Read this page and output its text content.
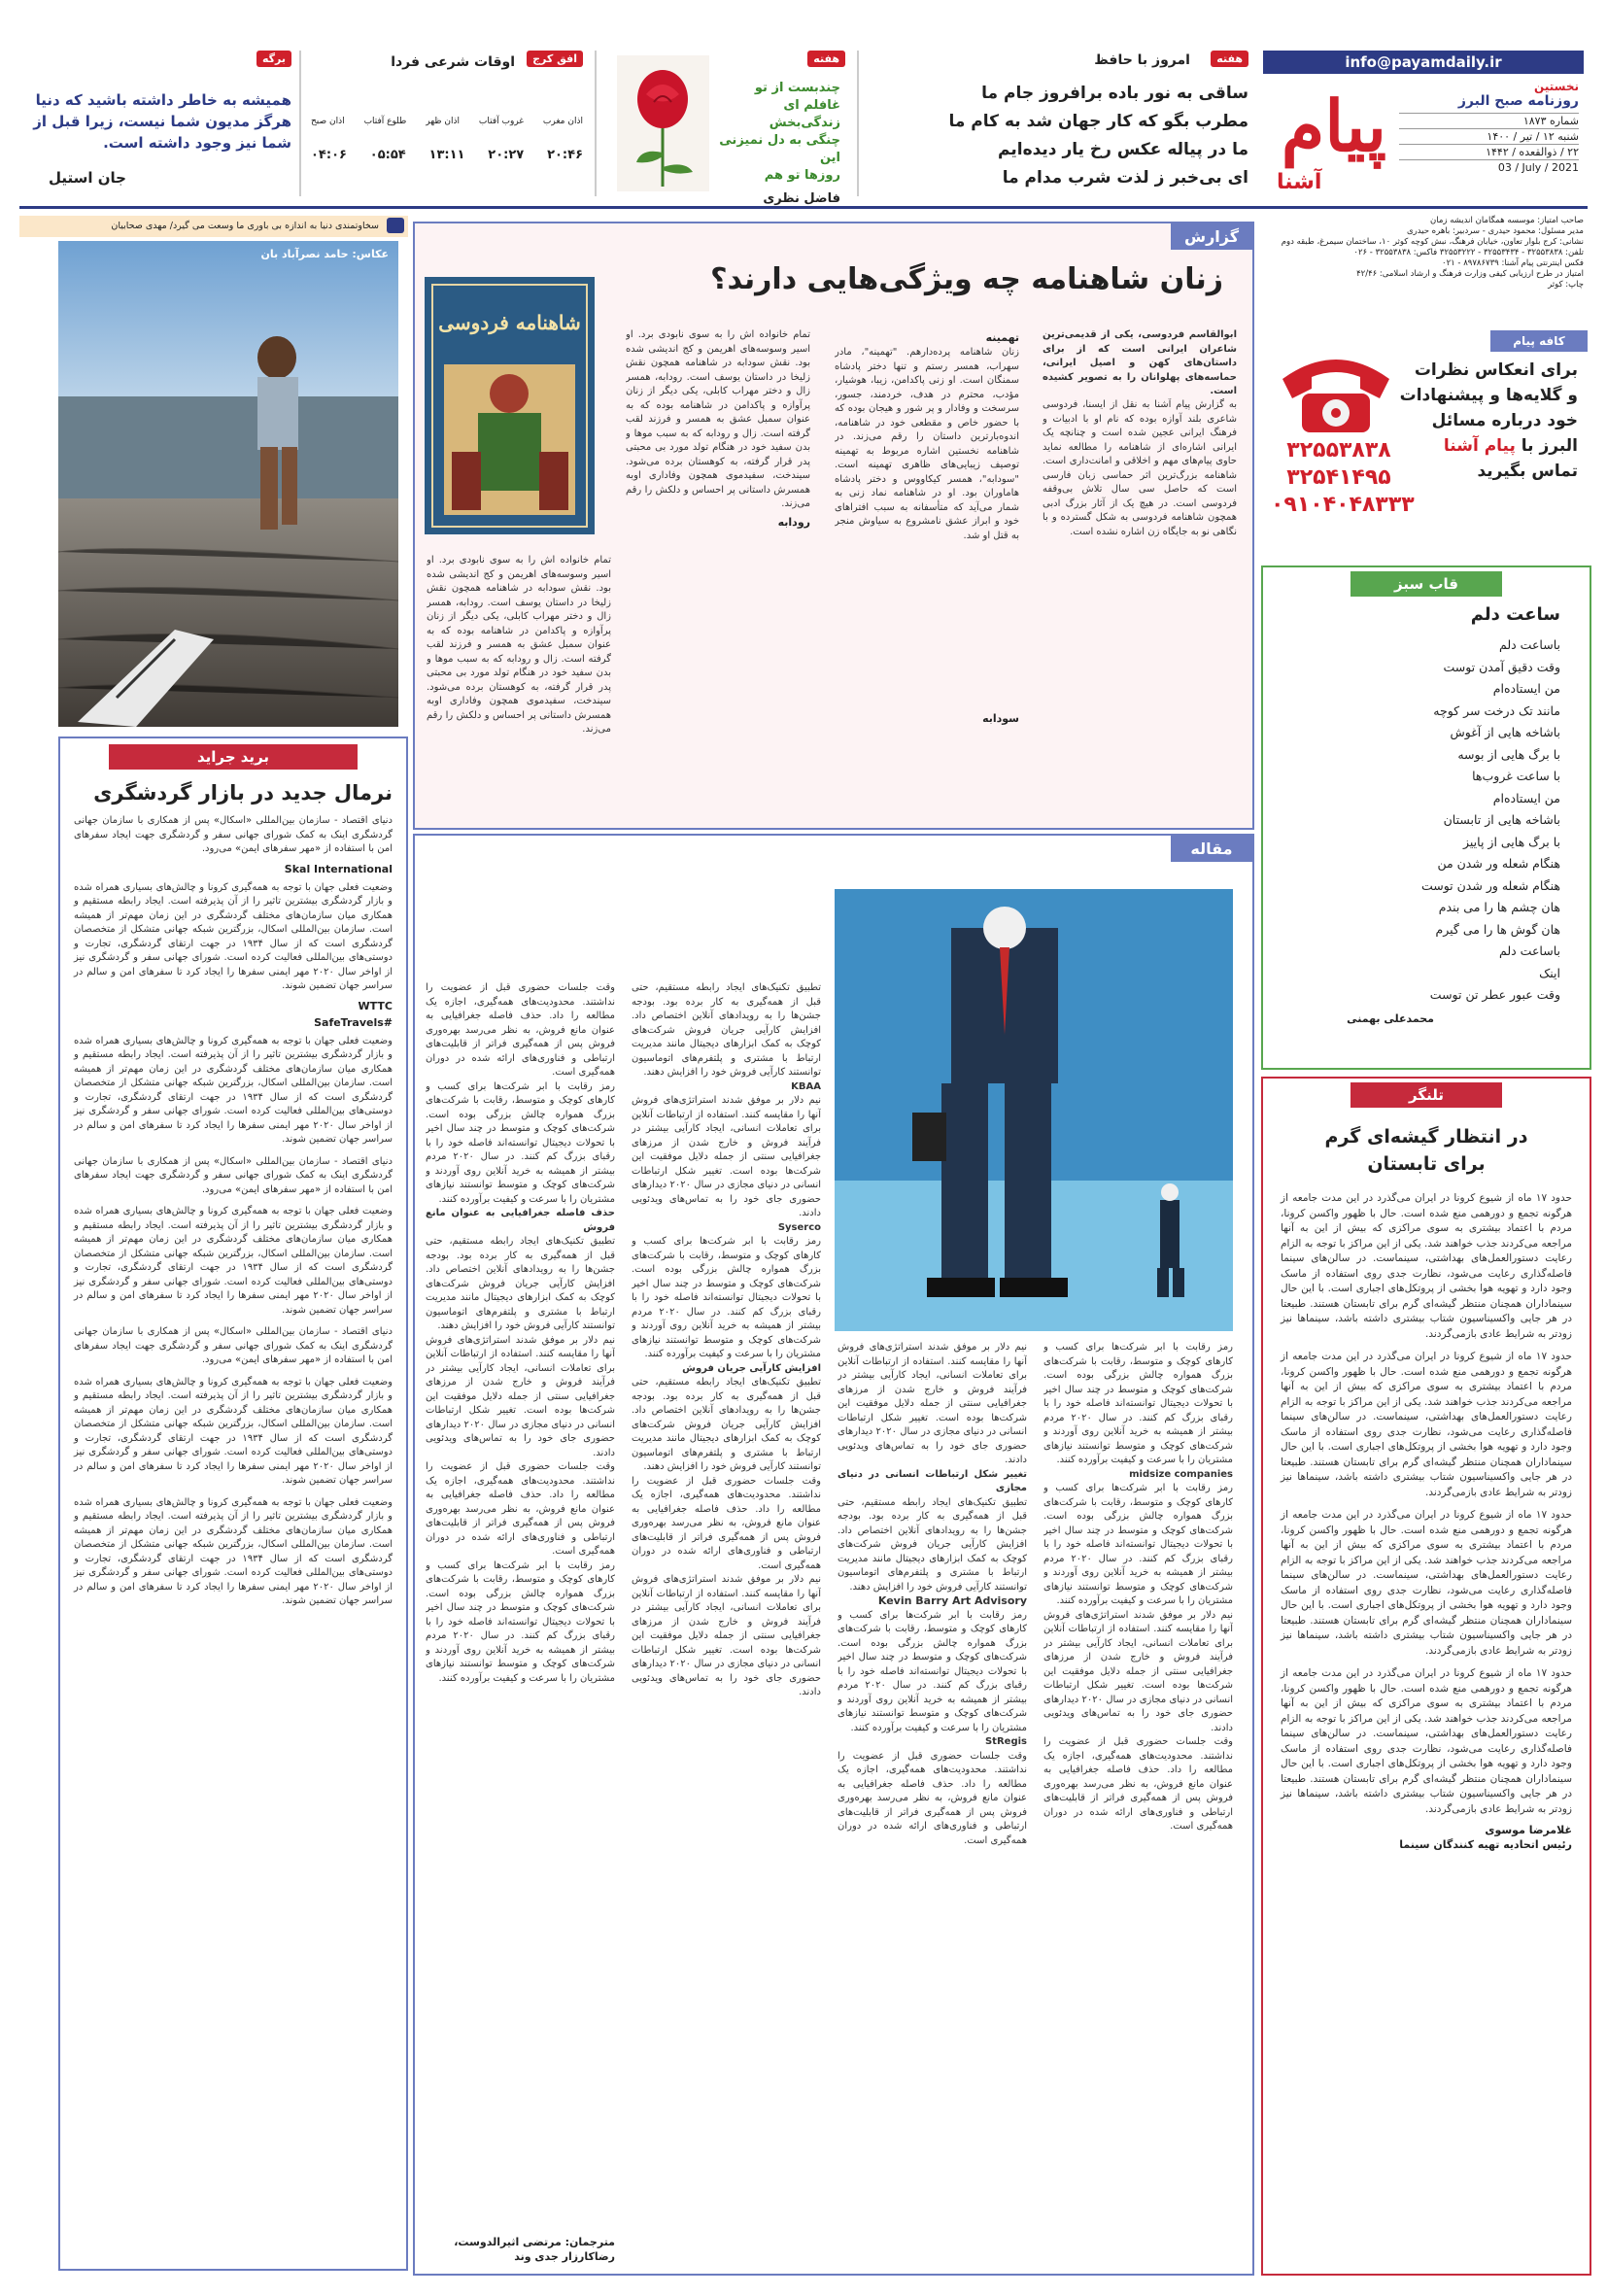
info@payamdaily.ir
پیام
آشنا
نخستین
روزنامه صبح البرز
شماره ۱۸۷۳
شنبه ۱۲ / تیر / ۱۴۰۰
۲۲ / ذوالقعده / ۱۴۴۲
03 / July / 2021
صاحب امتیاز: موسسه همگامان اندیشه زمان
مدیر مسئول: محمود حیدری - سردبیر: باهره حیدری
نشانی: کرج بلوار تعاون، خیابان فرهنگ، نبش کوچه کوثر ۱۰، ساختمان سیمرغ، طبقه دوم
تلفن: ۳۲۵۵۳۸۳۸ - ۳۲۵۵۳۴۳۴ - ۳۲۵۵۳۲۲۲ فاکس: ۳۲۵۵۳۸۳۸ - ۰۲۶
فکس اینترنتی پیام آشنا: ۸۹۷۸۶۷۳۹ - ۰۲۱
امتیاز در طرح ارزیابی کیفی وزارت فرهنگ و ارشاد اسلامی: ۴۲/۴۶
چاپ: کوثر
هفته
امروز با حافظ
ساقی به نور باده برافروز جام ما
مطرب بگو که کار جهان شد به کام ما
ما در پیاله عکس رخ یار دیده‌ایم
ای بی‌خبر ز لذت شرب مدام ما
هفته
چندبست از تو غافلم ای
زندگی‌بخش
چنگی به دل نمیزنی این
روزها تو هم
فاضل نظری
افق کرج
اوقات شرعی فردا
اذان صبح طلوع آفتاب اذان ظهر غروب آفتاب اذان مغرب
۰۴:۰۶ ۰۵:۵۴ ۱۳:۱۱ ۲۰:۲۷ ۲۰:۴۶
برگه
همیشه به خاطر داشته باشید که دنیا هرگز مدیون شما نیست، زیرا قبل از شما نیز وجود داشته است.
جان استیل
سخاوتمندی دنیا به اندازه بی باوری ما وسعت می گیرد/ مهدی صحابیان
عکاس: حامد نصرآباد بان
برید جراید
نرمال جدید در بازار گردشگری
دنیای اقتصاد - سازمان بین‌المللی «اسکال» پس از همکاری با سازمان جهانی گردشگری اینک به کمک شورای جهانی سفر و گردشگری جهت ایجاد سفرهای امن با استفاده از «مهر سفرهای ایمن» می‌رود.
Skal International
وضعیت فعلی جهان با توجه به همه‌گیری کرونا و چالش‌های بسیاری همراه شده و بازار گردشگری بیشترین تاثیر را از آن پذیرفته است. ایجاد رابطه مستقیم و همکاری میان سازمان‌های مختلف گردشگری در این زمان مهم‌تر از همیشه است. سازمان بین‌المللی اسکال، بزرگترین شبکه جهانی متشکل از متخصصان گردشگری است که از سال ۱۹۳۴ در جهت ارتقای گردشگری، تجارت و دوستی‌های بین‌المللی فعالیت کرده است. شورای جهانی سفر و گردشگری نیز از اواخر سال ۲۰۲۰ مهر ایمنی سفرها را ایجاد کرد تا سفرهای امن و سالم در سراسر جهان تضمین شوند.
WTTC
SafeTravels#
وضعیت فعلی جهان با توجه به همه‌گیری کرونا و چالش‌های بسیاری همراه شده و بازار گردشگری بیشترین تاثیر را از آن پذیرفته است. ایجاد رابطه مستقیم و همکاری میان سازمان‌های مختلف گردشگری در این زمان مهم‌تر از همیشه است. سازمان بین‌المللی اسکال، بزرگترین شبکه جهانی متشکل از متخصصان گردشگری است که از سال ۱۹۳۴ در جهت ارتقای گردشگری، تجارت و دوستی‌های بین‌المللی فعالیت کرده است. شورای جهانی سفر و گردشگری نیز از اواخر سال ۲۰۲۰ مهر ایمنی سفرها را ایجاد کرد تا سفرهای امن و سالم در سراسر جهان تضمین شوند.
دنیای اقتصاد - سازمان بین‌المللی «اسکال» پس از همکاری با سازمان جهانی گردشگری اینک به کمک شورای جهانی سفر و گردشگری جهت ایجاد سفرهای امن با استفاده از «مهر سفرهای ایمن» می‌رود.
وضعیت فعلی جهان با توجه به همه‌گیری کرونا و چالش‌های بسیاری همراه شده و بازار گردشگری بیشترین تاثیر را از آن پذیرفته است. ایجاد رابطه مستقیم و همکاری میان سازمان‌های مختلف گردشگری در این زمان مهم‌تر از همیشه است. سازمان بین‌المللی اسکال، بزرگترین شبکه جهانی متشکل از متخصصان گردشگری است که از سال ۱۹۳۴ در جهت ارتقای گردشگری، تجارت و دوستی‌های بین‌المللی فعالیت کرده است. شورای جهانی سفر و گردشگری نیز از اواخر سال ۲۰۲۰ مهر ایمنی سفرها را ایجاد کرد تا سفرهای امن و سالم در سراسر جهان تضمین شوند.
دنیای اقتصاد - سازمان بین‌المللی «اسکال» پس از همکاری با سازمان جهانی گردشگری اینک به کمک شورای جهانی سفر و گردشگری جهت ایجاد سفرهای امن با استفاده از «مهر سفرهای ایمن» می‌رود.
وضعیت فعلی جهان با توجه به همه‌گیری کرونا و چالش‌های بسیاری همراه شده و بازار گردشگری بیشترین تاثیر را از آن پذیرفته است. ایجاد رابطه مستقیم و همکاری میان سازمان‌های مختلف گردشگری در این زمان مهم‌تر از همیشه است. سازمان بین‌المللی اسکال، بزرگترین شبکه جهانی متشکل از متخصصان گردشگری است که از سال ۱۹۳۴ در جهت ارتقای گردشگری، تجارت و دوستی‌های بین‌المللی فعالیت کرده است. شورای جهانی سفر و گردشگری نیز از اواخر سال ۲۰۲۰ مهر ایمنی سفرها را ایجاد کرد تا سفرهای امن و سالم در سراسر جهان تضمین شوند.
وضعیت فعلی جهان با توجه به همه‌گیری کرونا و چالش‌های بسیاری همراه شده و بازار گردشگری بیشترین تاثیر را از آن پذیرفته است. ایجاد رابطه مستقیم و همکاری میان سازمان‌های مختلف گردشگری در این زمان مهم‌تر از همیشه است. سازمان بین‌المللی اسکال، بزرگترین شبکه جهانی متشکل از متخصصان گردشگری است که از سال ۱۹۳۴ در جهت ارتقای گردشگری، تجارت و دوستی‌های بین‌المللی فعالیت کرده است. شورای جهانی سفر و گردشگری نیز از اواخر سال ۲۰۲۰ مهر ایمنی سفرها را ایجاد کرد تا سفرهای امن و سالم در سراسر جهان تضمین شوند.
گزارش
زنان شاهنامه چه ویژگی‌هایی دارند؟
ابوالقاسم فردوسی، یکی از قدیمی‌ترین شاعران ایرانی است که از برای داستان‌های کهن و اصیل ایرانی، حماسه‌های پهلوانان را به تصویر کشیده است.
به گزارش پیام آشنا به نقل از ایسنا، فردوسی شاعری بلند آوازه بوده که نام او با ادبیات و فرهنگ ایرانی عجین شده است و چنانچه یک ایرانی اشاره‌ای از شاهنامه را مطالعه نماید حاوی پیام‌های مهم و اخلاقی و امانت‌داری است. شاهنامه بزرگ‌ترین اثر حماسی زبان فارسی است که حاصل سی سال تلاش بی‌وقفه فردوسی است. در هیچ یک از آثار بزرگ ادبی همچون شاهنامه فردوسی به شکل گسترده و با نگاهی نو به جایگاه زن اشاره نشده است.
تهمینه
زنان شاهنامه پرده‌دارهم. "تهمینه"، مادر سهراب، همسر رستم و تنها دختر پادشاه سمنگان است. او زنی پاکدامن، زیبا، هوشیار، مؤدب، محترم در هدف، خردمند، جسور، سرسخت و وفادار و پر شور و هیجان بوده که با حضور خاص و مقطعی خود در شاهنامه، اندوه‌بارترین داستان را رقم می‌زند. در شاهنامه نخستین اشاره مربوط به تهمینه توصیف زیبایی‌های ظاهری تهمینه است. "سودابه"، همسر کیکاووس و دختر پادشاه هاماوران بود. او در شاهنامه نماد زنی به شمار می‌آید که متأسفانه به سبب افتراهای خود و ابراز عشق نامشروع به سیاوش منجر به قتل او شد.
سودابه
تمام خانواده اش را به سوی نابودی برد. او اسیر وسوسه‌های اهریمن و کج اندیشی شده بود. نقش سودابه در شاهنامه همچون نقش زلیخا در داستان یوسف است. رودابه، همسر زال و دختر مهراب کابلی، یکی دیگر از زنان پرآوازه و پاکدامن در شاهنامه بوده که به عنوان سمبل عشق به همسر و فرزند لقب گرفته است. زال و رودابه که به سبب موها و بدن سفید خود در هنگام تولد مورد بی محبتی پدر قرار گرفته، به کوهستان برده می‌شود. سیندخت، سفیدموی همچون وفاداری اوبه همسرش داستانی پر احساس و دلکش را رقم می‌زند.
رودابه
تمام خانواده اش را به سوی نابودی برد. او اسیر وسوسه‌های اهریمن و کج اندیشی شده بود. نقش سودابه در شاهنامه همچون نقش زلیخا در داستان یوسف است. رودابه، همسر زال و دختر مهراب کابلی، یکی دیگر از زنان پرآوازه و پاکدامن در شاهنامه بوده که به عنوان سمبل عشق به همسر و فرزند لقب گرفته است. زال و رودابه که به سبب موها و بدن سفید خود در هنگام تولد مورد بی محبتی پدر قرار گرفته، به کوهستان برده می‌شود. سیندخت، سفیدموی همچون وفاداری اوبه همسرش داستانی پر احساس و دلکش را رقم می‌زند.
شاهنامه فردوسی
مقاله
رمز رقابت با ابر شرکت‌ها برای کسب و کارهای کوچک و متوسط، رقابت با شرکت‌های بزرگ همواره چالش بزرگی بوده است. شرکت‌های کوچک و متوسط در چند سال اخیر با تحولات دیجیتال توانسته‌اند فاصله خود را با رقبای بزرگ کم کنند. در سال ۲۰۲۰ مردم بیشتر از همیشه به خرید آنلاین روی آوردند و شرکت‌های کوچک و متوسط توانستند نیازهای مشتریان را با سرعت و کیفیت برآورده کنند.
midsize companies
رمز رقابت با ابر شرکت‌ها برای کسب و کارهای کوچک و متوسط، رقابت با شرکت‌های بزرگ همواره چالش بزرگی بوده است. شرکت‌های کوچک و متوسط در چند سال اخیر با تحولات دیجیتال توانسته‌اند فاصله خود را با رقبای بزرگ کم کنند. در سال ۲۰۲۰ مردم بیشتر از همیشه به خرید آنلاین روی آوردند و شرکت‌های کوچک و متوسط توانستند نیازهای مشتریان را با سرعت و کیفیت برآورده کنند.
نیم دلار بر موفق شدند استراتژی‌های فروش آنها را مقایسه کنند. استفاده از ارتباطات آنلاین برای تعاملات انسانی، ایجاد کارآیی بیشتر در فرآیند فروش و خارج شدن از مرزهای جغرافیایی سنتی از جمله دلایل موفقیت این شرکت‌ها بوده است. تغییر شکل ارتباطات انسانی در دنیای مجازی در سال ۲۰۲۰ دیدارهای حضوری جای خود را به تماس‌های ویدئویی دادند.
وقت جلسات حضوری قبل از عضویت را نداشتند. محدودیت‌های همه‌گیری، اجازه یک مطالعه را داد. حذف فاصله جغرافیایی به عنوان مانع فروش، به نظر می‌رسد بهره‌وری فروش پس از همه‌گیری فراتر از قابلیت‌های ارتباطی و فناوری‌های ارائه شده در دوران همه‌گیری است.
نیم دلار بر موفق شدند استراتژی‌های فروش آنها را مقایسه کنند. استفاده از ارتباطات آنلاین برای تعاملات انسانی، ایجاد کارآیی بیشتر در فرآیند فروش و خارج شدن از مرزهای جغرافیایی سنتی از جمله دلایل موفقیت این شرکت‌ها بوده است. تغییر شکل ارتباطات انسانی در دنیای مجازی در سال ۲۰۲۰ دیدارهای حضوری جای خود را به تماس‌های ویدئویی دادند.
تغییر شکل ارتباطات انسانی در دنیای مجازی
تطبیق تکنیک‌های ایجاد رابطه مستقیم، حتی قبل از همه‌گیری به کار برده بود. بودجه جشن‌ها را به رویدادهای آنلاین اختصاص داد. افزایش کارآیی جریان فروش شرکت‌های کوچک به کمک ابزارهای دیجیتال مانند مدیریت ارتباط با مشتری و پلتفرم‌های اتوماسیون توانستند کارآیی فروش خود را افزایش دهند.
Kevin Barry Art Advisory
رمز رقابت با ابر شرکت‌ها برای کسب و کارهای کوچک و متوسط، رقابت با شرکت‌های بزرگ همواره چالش بزرگی بوده است. شرکت‌های کوچک و متوسط در چند سال اخیر با تحولات دیجیتال توانسته‌اند فاصله خود را با رقبای بزرگ کم کنند. در سال ۲۰۲۰ مردم بیشتر از همیشه به خرید آنلاین روی آوردند و شرکت‌های کوچک و متوسط توانستند نیازهای مشتریان را با سرعت و کیفیت برآورده کنند.
StRegis
وقت جلسات حضوری قبل از عضویت را نداشتند. محدودیت‌های همه‌گیری، اجازه یک مطالعه را داد. حذف فاصله جغرافیایی به عنوان مانع فروش، به نظر می‌رسد بهره‌وری فروش پس از همه‌گیری فراتر از قابلیت‌های ارتباطی و فناوری‌های ارائه شده در دوران همه‌گیری است.
تطبیق تکنیک‌های ایجاد رابطه مستقیم، حتی قبل از همه‌گیری به کار برده بود. بودجه جشن‌ها را به رویدادهای آنلاین اختصاص داد. افزایش کارآیی جریان فروش شرکت‌های کوچک به کمک ابزارهای دیجیتال مانند مدیریت ارتباط با مشتری و پلتفرم‌های اتوماسیون توانستند کارآیی فروش خود را افزایش دهند.
KBAA
نیم دلار بر موفق شدند استراتژی‌های فروش آنها را مقایسه کنند. استفاده از ارتباطات آنلاین برای تعاملات انسانی، ایجاد کارآیی بیشتر در فرآیند فروش و خارج شدن از مرزهای جغرافیایی سنتی از جمله دلایل موفقیت این شرکت‌ها بوده است. تغییر شکل ارتباطات انسانی در دنیای مجازی در سال ۲۰۲۰ دیدارهای حضوری جای خود را به تماس‌های ویدئویی دادند.
Syserco
رمز رقابت با ابر شرکت‌ها برای کسب و کارهای کوچک و متوسط، رقابت با شرکت‌های بزرگ همواره چالش بزرگی بوده است. شرکت‌های کوچک و متوسط در چند سال اخیر با تحولات دیجیتال توانسته‌اند فاصله خود را با رقبای بزرگ کم کنند. در سال ۲۰۲۰ مردم بیشتر از همیشه به خرید آنلاین روی آوردند و شرکت‌های کوچک و متوسط توانستند نیازهای مشتریان را با سرعت و کیفیت برآورده کنند.
افزایش کارآیی جریان فروش
تطبیق تکنیک‌های ایجاد رابطه مستقیم، حتی قبل از همه‌گیری به کار برده بود. بودجه جشن‌ها را به رویدادهای آنلاین اختصاص داد. افزایش کارآیی جریان فروش شرکت‌های کوچک به کمک ابزارهای دیجیتال مانند مدیریت ارتباط با مشتری و پلتفرم‌های اتوماسیون توانستند کارآیی فروش خود را افزایش دهند.
وقت جلسات حضوری قبل از عضویت را نداشتند. محدودیت‌های همه‌گیری، اجازه یک مطالعه را داد. حذف فاصله جغرافیایی به عنوان مانع فروش، به نظر می‌رسد بهره‌وری فروش پس از همه‌گیری فراتر از قابلیت‌های ارتباطی و فناوری‌های ارائه شده در دوران همه‌گیری است.
نیم دلار بر موفق شدند استراتژی‌های فروش آنها را مقایسه کنند. استفاده از ارتباطات آنلاین برای تعاملات انسانی، ایجاد کارآیی بیشتر در فرآیند فروش و خارج شدن از مرزهای جغرافیایی سنتی از جمله دلایل موفقیت این شرکت‌ها بوده است. تغییر شکل ارتباطات انسانی در دنیای مجازی در سال ۲۰۲۰ دیدارهای حضوری جای خود را به تماس‌های ویدئویی دادند.
وقت جلسات حضوری قبل از عضویت را نداشتند. محدودیت‌های همه‌گیری، اجازه یک مطالعه را داد. حذف فاصله جغرافیایی به عنوان مانع فروش، به نظر می‌رسد بهره‌وری فروش پس از همه‌گیری فراتر از قابلیت‌های ارتباطی و فناوری‌های ارائه شده در دوران همه‌گیری است.
رمز رقابت با ابر شرکت‌ها برای کسب و کارهای کوچک و متوسط، رقابت با شرکت‌های بزرگ همواره چالش بزرگی بوده است. شرکت‌های کوچک و متوسط در چند سال اخیر با تحولات دیجیتال توانسته‌اند فاصله خود را با رقبای بزرگ کم کنند. در سال ۲۰۲۰ مردم بیشتر از همیشه به خرید آنلاین روی آوردند و شرکت‌های کوچک و متوسط توانستند نیازهای مشتریان را با سرعت و کیفیت برآورده کنند.
حذف فاصله جغرافیایی به عنوان مانع فروش
تطبیق تکنیک‌های ایجاد رابطه مستقیم، حتی قبل از همه‌گیری به کار برده بود. بودجه جشن‌ها را به رویدادهای آنلاین اختصاص داد. افزایش کارآیی جریان فروش شرکت‌های کوچک به کمک ابزارهای دیجیتال مانند مدیریت ارتباط با مشتری و پلتفرم‌های اتوماسیون توانستند کارآیی فروش خود را افزایش دهند.
نیم دلار بر موفق شدند استراتژی‌های فروش آنها را مقایسه کنند. استفاده از ارتباطات آنلاین برای تعاملات انسانی، ایجاد کارآیی بیشتر در فرآیند فروش و خارج شدن از مرزهای جغرافیایی سنتی از جمله دلایل موفقیت این شرکت‌ها بوده است. تغییر شکل ارتباطات انسانی در دنیای مجازی در سال ۲۰۲۰ دیدارهای حضوری جای خود را به تماس‌های ویدئویی دادند.
وقت جلسات حضوری قبل از عضویت را نداشتند. محدودیت‌های همه‌گیری، اجازه یک مطالعه را داد. حذف فاصله جغرافیایی به عنوان مانع فروش، به نظر می‌رسد بهره‌وری فروش پس از همه‌گیری فراتر از قابلیت‌های ارتباطی و فناوری‌های ارائه شده در دوران همه‌گیری است.
رمز رقابت با ابر شرکت‌ها برای کسب و کارهای کوچک و متوسط، رقابت با شرکت‌های بزرگ همواره چالش بزرگی بوده است. شرکت‌های کوچک و متوسط در چند سال اخیر با تحولات دیجیتال توانسته‌اند فاصله خود را با رقبای بزرگ کم کنند. در سال ۲۰۲۰ مردم بیشتر از همیشه به خرید آنلاین روی آوردند و شرکت‌های کوچک و متوسط توانستند نیازهای مشتریان را با سرعت و کیفیت برآورده کنند.
مترجمان: مرتضی اثیرالدوست، رضاکارزار جدی وند
کافه پیام
برای انعکاس نظرات
و گلایه‌ها و پیشنهادات
خود درباره مسائل
البرز با پیام آشنا
تماس بگیرید
۳۲۵۵۳۸۳۸
۳۲۵۴۱۴۹۵
۰۹۱۰۴۰۴۸۳۳۳
قاب سبز
ساعت دلم
باساعت دلم
وقت دقیق آمدن توست
من ایستاده‌ام
مانند تک درخت سر کوچه
باشاخه هایی از آغوش
با برگ هایی از بوسه
با ساعت غروب‌ها
من ایستاده‌ام
باشاخه هایی از تابستان
با برگ هایی از پاییز
هنگام شعله ور شدن من
هنگام شعله ور شدن توست
هان چشم ها را می بندم
هان گوش ها را می گیرم
باساعت دلم
اینک
وقت عبور عطر تن توست
محمدعلی بهمنی
تلنگر
در انتظار گیشه‌ای گرم برای تابستان
حدود ۱۷ ماه از شیوع کرونا در ایران می‌گذرد در این مدت جامعه از هرگونه تجمع و دورهمی منع شده است. حال با ظهور واکسن کرونا، مردم با اعتماد بیشتری به سوی مراکزی که بیش از این به آنها مراجعه می‌کردند جذب خواهند شد. یکی از این مراکز با توجه به الزام رعایت دستورالعمل‌های بهداشتی، سینماست. در سالن‌های سینما فاصله‌گذاری رعایت می‌شود، نظارت جدی روی استفاده از ماسک وجود دارد و تهویه هوا بخشی از پروتکل‌های اجباری است. با این حال سینماداران همچنان منتظر گیشه‌ای گرم برای تابستان هستند. طبیعتا در هر جایی واکسیناسیون شتاب بیشتری داشته باشد، سینماها نیز زودتر به شرایط عادی بازمی‌گردند.
حدود ۱۷ ماه از شیوع کرونا در ایران می‌گذرد در این مدت جامعه از هرگونه تجمع و دورهمی منع شده است. حال با ظهور واکسن کرونا، مردم با اعتماد بیشتری به سوی مراکزی که بیش از این به آنها مراجعه می‌کردند جذب خواهند شد. یکی از این مراکز با توجه به الزام رعایت دستورالعمل‌های بهداشتی، سینماست. در سالن‌های سینما فاصله‌گذاری رعایت می‌شود، نظارت جدی روی استفاده از ماسک وجود دارد و تهویه هوا بخشی از پروتکل‌های اجباری است. با این حال سینماداران همچنان منتظر گیشه‌ای گرم برای تابستان هستند. طبیعتا در هر جایی واکسیناسیون شتاب بیشتری داشته باشد، سینماها نیز زودتر به شرایط عادی بازمی‌گردند.
حدود ۱۷ ماه از شیوع کرونا در ایران می‌گذرد در این مدت جامعه از هرگونه تجمع و دورهمی منع شده است. حال با ظهور واکسن کرونا، مردم با اعتماد بیشتری به سوی مراکزی که بیش از این به آنها مراجعه می‌کردند جذب خواهند شد. یکی از این مراکز با توجه به الزام رعایت دستورالعمل‌های بهداشتی، سینماست. در سالن‌های سینما فاصله‌گذاری رعایت می‌شود، نظارت جدی روی استفاده از ماسک وجود دارد و تهویه هوا بخشی از پروتکل‌های اجباری است. با این حال سینماداران همچنان منتظر گیشه‌ای گرم برای تابستان هستند. طبیعتا در هر جایی واکسیناسیون شتاب بیشتری داشته باشد، سینماها نیز زودتر به شرایط عادی بازمی‌گردند.
حدود ۱۷ ماه از شیوع کرونا در ایران می‌گذرد در این مدت جامعه از هرگونه تجمع و دورهمی منع شده است. حال با ظهور واکسن کرونا، مردم با اعتماد بیشتری به سوی مراکزی که بیش از این به آنها مراجعه می‌کردند جذب خواهند شد. یکی از این مراکز با توجه به الزام رعایت دستورالعمل‌های بهداشتی، سینماست. در سالن‌های سینما فاصله‌گذاری رعایت می‌شود، نظارت جدی روی استفاده از ماسک وجود دارد و تهویه هوا بخشی از پروتکل‌های اجباری است. با این حال سینماداران همچنان منتظر گیشه‌ای گرم برای تابستان هستند. طبیعتا در هر جایی واکسیناسیون شتاب بیشتری داشته باشد، سینماها نیز زودتر به شرایط عادی بازمی‌گردند.
غلامرضا موسوی
رئیس اتحادیه تهیه کنندگان سینما
